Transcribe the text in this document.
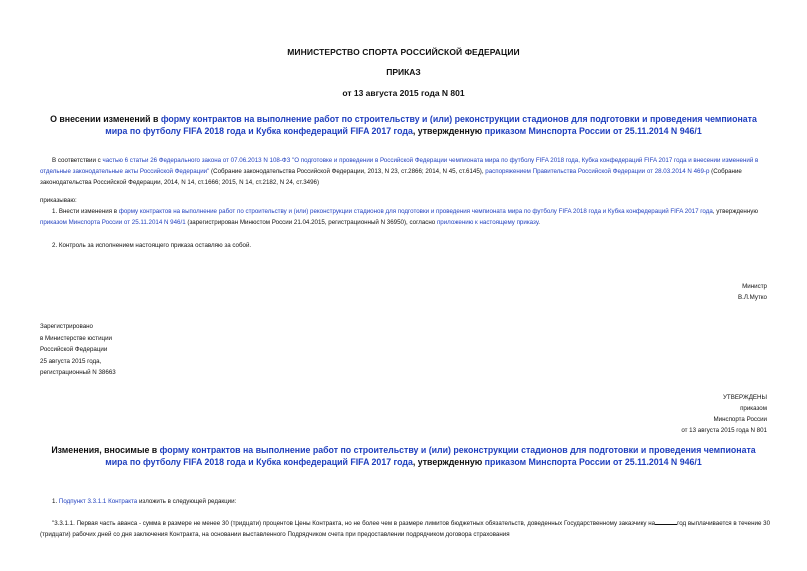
МИНИСТЕРСТВО СПОРТА РОССИЙСКОЙ ФЕДЕРАЦИИ
ПРИКАЗ
от 13 августа 2015 года N 801
О внесении изменений в форму контрактов на выполнение работ по строительству и (или) реконструкции стадионов для подготовки и проведения чемпионата мира по футболу FIFA 2018 года и Кубка конфедераций FIFA 2017 года, утвержденную приказом Минспорта России от 25.11.2014 N 946/1
В соответствии с частью 6 статьи 26 Федерального закона от 07.06.2013 N 108-ФЗ "О подготовке и проведении в Российской Федерации чемпионата мира по футболу FIFA 2018 года, Кубка конфедераций FIFA 2017 года и внесении изменений в отдельные законодательные акты Российской Федерации" (Собрание законодательства Российской Федерации, 2013, N 23, ст.2866; 2014, N 45, ст.6145), распоряжением Правительства Российской Федерации от 28.03.2014 N 469-р (Собрание законодательства Российской Федерации, 2014, N 14, ст.1666; 2015, N 14, ст.2182, N 24, ст.3496)
приказываю:
1. Внести изменения в форму контрактов на выполнение работ по строительству и (или) реконструкции стадионов для подготовки и проведения чемпионата мира по футболу FIFA 2018 года и Кубка конфедераций FIFA 2017 года, утвержденную приказом Минспорта России от 25.11.2014 N 946/1 (зарегистрирован Минюстом России 21.04.2015, регистрационный N 36950), согласно приложению к настоящему приказу.
2. Контроль за исполнением настоящего приказа оставляю за собой.
Министр
В.Л.Мутко
Зарегистрировано
в Министерстве юстиции
Российской Федерации
25 августа 2015 года,
регистрационный N 38663
УТВЕРЖДЕНЫ
приказом
Минспорта России
от 13 августа 2015 года N 801
Изменения, вносимые в форму контрактов на выполнение работ по строительству и (или) реконструкции стадионов для подготовки и проведения чемпионата мира по футболу FIFA 2018 года и Кубка конфедераций FIFA 2017 года, утвержденную приказом Минспорта России от 25.11.2014 N 946/1
1. Подпункт 3.3.1.1 Контракта изложить в следующей редакции:
"3.3.1.1. Первая часть аванса - сумма в размере не менее 30 (тридцати) процентов Цены Контракта, но не более чем в размере лимитов бюджетных обязательств, доведенных Государственному заказчику на	год выплачивается в течение 30 (тридцати) рабочих дней со дня заключения Контракта, на основании выставленного Подрядчиком счета при предоставлении подрядчиком договора страхования
